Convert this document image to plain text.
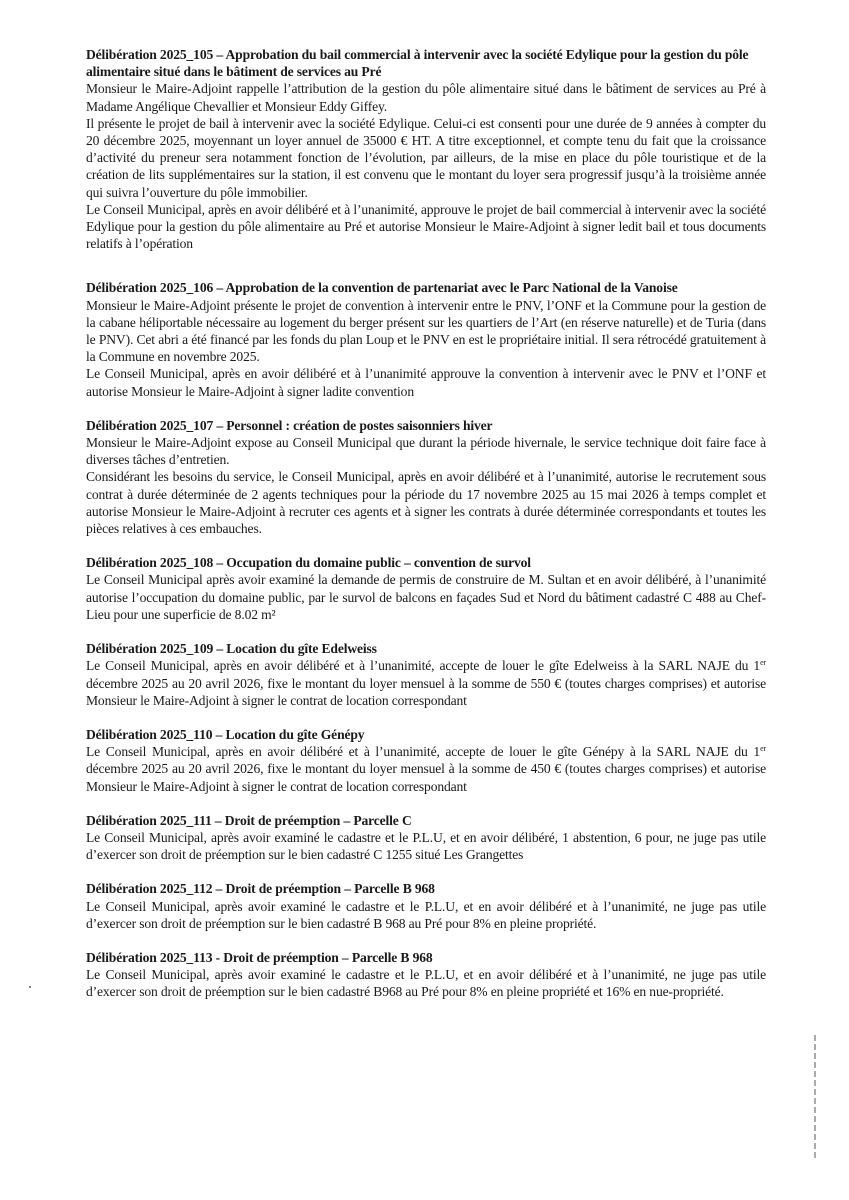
Délibération 2025_105 – Approbation du bail commercial à intervenir avec la société Edylique pour la gestion du pôle alimentaire situé dans le bâtiment de services au Pré

Monsieur le Maire-Adjoint rappelle l’attribution de la gestion du pôle alimentaire situé dans le bâtiment de services au Pré à Madame Angélique Chevallier et Monsieur Eddy Giffey.

Il présente le projet de bail à intervenir avec la société Edylique. Celui-ci est consenti pour une durée de 9 années à compter du 20 décembre 2025, moyennant un loyer annuel de 35000 € HT. A titre exceptionnel, et compte tenu du fait que la croissance d’activité du preneur sera notamment fonction de l’évolution, par ailleurs, de la mise en place du pôle touristique et de la création de lits supplémentaires sur la station, il est convenu que le montant du loyer sera progressif jusqu’à la troisième année qui suivra l’ouverture du pôle immobilier.

Le Conseil Municipal, après en avoir délibéré et à l’unanimité, approuve le projet de bail commercial à intervenir avec la société Edylique pour la gestion du pôle alimentaire au Pré et autorise Monsieur le Maire-Adjoint à signer ledit bail et tous documents relatifs à l’opération

Délibération 2025_106 – Approbation de la convention de partenariat avec le Parc National de la Vanoise

Monsieur le Maire-Adjoint présente le projet de convention à intervenir entre le PNV, l’ONF et la Commune pour la gestion de la cabane héliportable nécessaire au logement du berger présent sur les quartiers de l’Art (en réserve naturelle) et de Turia (dans le PNV). Cet abri a été financé par les fonds du plan Loup et le PNV en est le propriétaire initial. Il sera rétrocédé gratuitement à la Commune en novembre 2025.

Le Conseil Municipal, après en avoir délibéré et à l’unanimité approuve la convention à intervenir avec le PNV et l’ONF et autorise Monsieur le Maire-Adjoint à signer ladite convention

Délibération 2025_107 – Personnel : création de postes saisonniers hiver

Monsieur le Maire-Adjoint expose au Conseil Municipal que durant la période hivernale, le service technique doit faire face à diverses tâches d’entretien.

Considérant les besoins du service, le Conseil Municipal, après en avoir délibéré et à l’unanimité, autorise le recrutement sous contrat à durée déterminée de 2 agents techniques pour la période du 17 novembre 2025 au 15 mai 2026 à temps complet et autorise Monsieur le Maire-Adjoint à recruter ces agents et à signer les contrats à durée déterminée correspondants et toutes les pièces relatives à ces embauches.

Délibération 2025_108 – Occupation du domaine public – convention de survol

Le Conseil Municipal après avoir examiné la demande de permis de construire de M. Sultan et en avoir délibéré, à l’unanimité autorise l’occupation du domaine public, par le survol de balcons en façades Sud et Nord du bâtiment cadastré C 488 au Chef-Lieu pour une superficie de 8.02 m²

Délibération 2025_109 – Location du gîte Edelweiss

Le Conseil Municipal, après en avoir délibéré et à l’unanimité, accepte de louer le gîte Edelweiss à la SARL NAJE du 1er décembre 2025 au 20 avril 2026, fixe le montant du loyer mensuel à la somme de 550 € (toutes charges comprises) et autorise Monsieur le Maire-Adjoint à signer le contrat de location correspondant

Délibération 2025_110 – Location du gîte Génépy

Le Conseil Municipal, après en avoir délibéré et à l’unanimité, accepte de louer le gîte Génépy à la SARL NAJE du 1er décembre 2025 au 20 avril 2026, fixe le montant du loyer mensuel à la somme de 450 € (toutes charges comprises) et autorise Monsieur le Maire-Adjoint à signer le contrat de location correspondant

Délibération 2025_111 – Droit de préemption – Parcelle C

Le Conseil Municipal, après avoir examiné le cadastre et le P.L.U, et en avoir délibéré, 1 abstention, 6 pour, ne juge pas utile d’exercer son droit de préemption sur le bien cadastré C 1255 situé Les Grangettes

Délibération 2025_112 – Droit de préemption – Parcelle B 968

Le Conseil Municipal, après avoir examiné le cadastre et le P.L.U, et en avoir délibéré et à l’unanimité, ne juge pas utile d’exercer son droit de préemption sur le bien cadastré B 968 au Pré pour 8% en pleine propriété.

Délibération 2025_113 - Droit de préemption – Parcelle B 968

Le Conseil Municipal, après avoir examiné le cadastre et le P.L.U, et en avoir délibéré et à l’unanimité, ne juge pas utile d’exercer son droit de préemption sur le bien cadastré B968 au Pré pour 8% en pleine propriété et 16% en nue-propriété.
